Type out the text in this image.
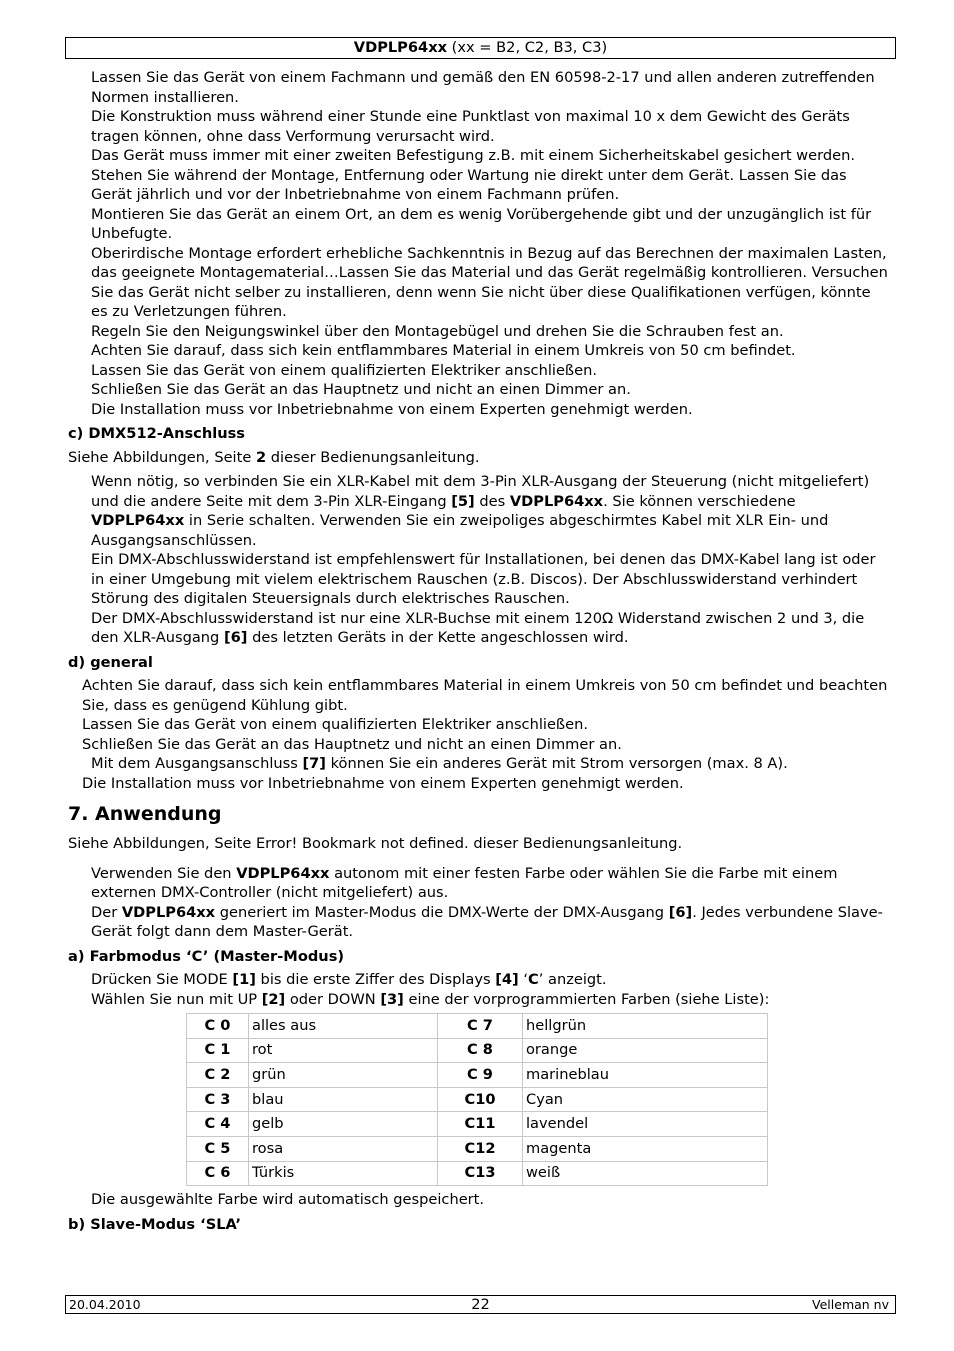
VDPLP64xx (xx = B2, C2, B3, C3)

Lassen Sie das Gerät von einem Fachmann und gemäß den EN 60598-2-17 und allen anderen zutreffenden Normen installieren.

Die Konstruktion muss während einer Stunde eine Punktlast von maximal 10 x dem Gewicht des Geräts tragen können, ohne dass Verformung verursacht wird.

Das Gerät muss immer mit einer zweiten Befestigung z.B. mit einem Sicherheitskabel gesichert werden.

Stehen Sie während der Montage, Entfernung oder Wartung nie direkt unter dem Gerät. Lassen Sie das Gerät jährlich und vor der Inbetriebnahme von einem Fachmann prüfen.

Montieren Sie das Gerät an einem Ort, an dem es wenig Vorübergehende gibt und der unzugänglich ist für Unbefugte.

Oberirdische Montage erfordert erhebliche Sachkenntnis in Bezug auf das Berechnen der maximalen Lasten, das geeignete Montagematerial…Lassen Sie das Material und das Gerät regelmäßig kontrollieren. Versuchen Sie das Gerät nicht selber zu installieren, denn wenn Sie nicht über diese Qualifikationen verfügen, könnte es zu Verletzungen führen.

Regeln Sie den Neigungswinkel über den Montagebügel und drehen Sie die Schrauben fest an.

Achten Sie darauf, dass sich kein entflammbares Material in einem Umkreis von 50 cm befindet.

Lassen Sie das Gerät von einem qualifizierten Elektriker anschließen.

Schließen Sie das Gerät an das Hauptnetz und nicht an einen Dimmer an.

Die Installation muss vor Inbetriebnahme von einem Experten genehmigt werden.

c) DMX512-Anschluss

Siehe Abbildungen, Seite 2 dieser Bedienungsanleitung.

Wenn nötig, so verbinden Sie ein XLR-Kabel mit dem 3-Pin XLR-Ausgang der Steuerung (nicht mitgeliefert) und die andere Seite mit dem 3-Pin XLR-Eingang [5] des VDPLP64xx. Sie können verschiedene VDPLP64xx in Serie schalten. Verwenden Sie ein zweipoliges abgeschirmtes Kabel mit XLR Ein- und Ausgangsanschlüssen.

Ein DMX-Abschlusswiderstand ist empfehlenswert für Installationen, bei denen das DMX-Kabel lang ist oder in einer Umgebung mit vielem elektrischem Rauschen (z.B. Discos). Der Abschlusswiderstand verhindert Störung des digitalen Steuersignals durch elektrisches Rauschen.

Der DMX-Abschlusswiderstand ist nur eine XLR-Buchse mit einem 120Ω Widerstand zwischen 2 und 3, die den XLR-Ausgang [6] des letzten Geräts in der Kette angeschlossen wird.

d) general

Achten Sie darauf, dass sich kein entflammbares Material in einem Umkreis von 50 cm befindet und beachten Sie, dass es genügend Kühlung gibt.

Lassen Sie das Gerät von einem qualifizierten Elektriker anschließen.

Schließen Sie das Gerät an das Hauptnetz und nicht an einen Dimmer an.

Mit dem Ausgangsanschluss [7] können Sie ein anderes Gerät mit Strom versorgen (max. 8 A).

Die Installation muss vor Inbetriebnahme von einem Experten genehmigt werden.

7. Anwendung

Siehe Abbildungen, Seite Error! Bookmark not defined. dieser Bedienungsanleitung.

Verwenden Sie den VDPLP64xx autonom mit einer festen Farbe oder wählen Sie die Farbe mit einem externen DMX-Controller (nicht mitgeliefert) aus.

Der VDPLP64xx generiert im Master-Modus die DMX-Werte der DMX-Ausgang [6]. Jedes verbundene Slave-Gerät folgt dann dem Master-Gerät.

a) Farbmodus ‘C’ (Master-Modus)

Drücken Sie MODE [1] bis die erste Ziffer des Displays [4] ‘C’ anzeigt.

Wählen Sie nun mit UP [2] oder DOWN [3] eine der vorprogrammierten Farben (siehe Liste):

C 0	alles aus	C 7	hellgrün
C 1	rot	C 8	orange
C 2	grün	C 9	marineblau
C 3	blau	C10	Cyan
C 4	gelb	C11	lavendel
C 5	rosa	C12	magenta
C 6	Türkis	C13	weiß

Die ausgewählte Farbe wird automatisch gespeichert.

b) Slave-Modus ‘SLA’
20.04.2010	22	Velleman nv
